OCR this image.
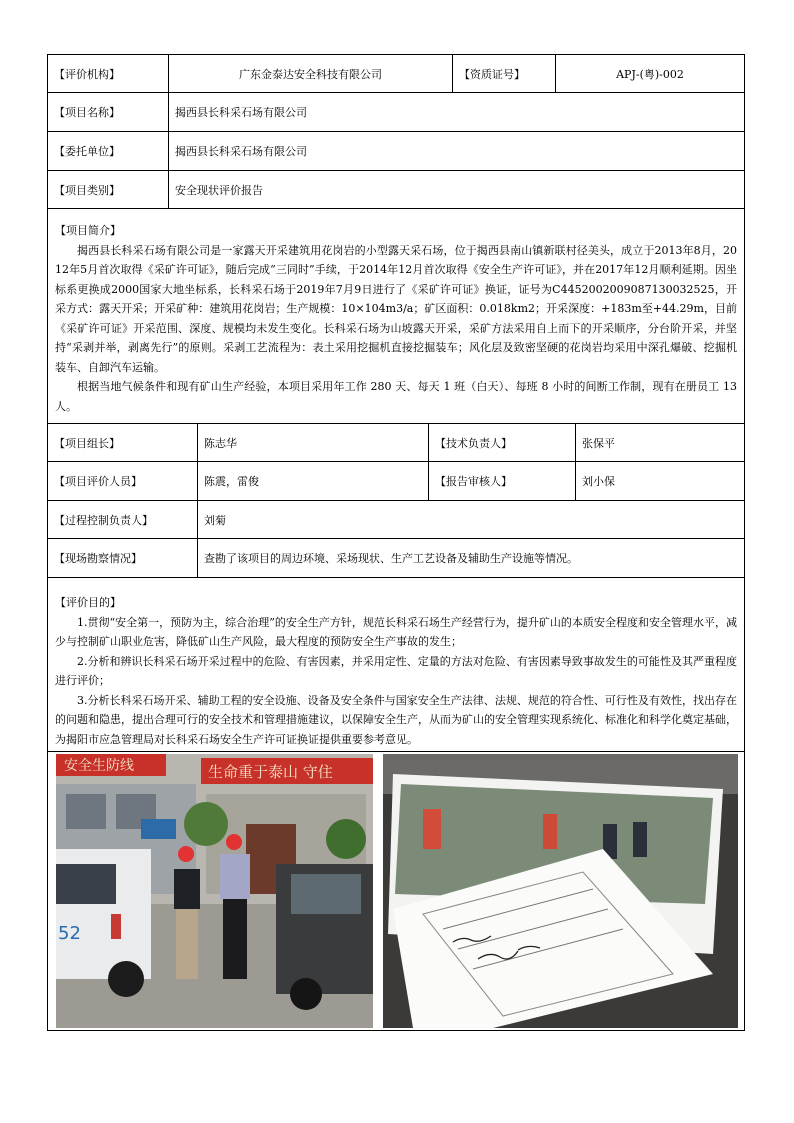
【评价机构】	广东金泰达安全科技有限公司	【资质证号】	APJ-(粤)-002
【项目名称】	揭西县长科采石场有限公司
【委托单位】	揭西县长科采石场有限公司
【项目类别】	安全现状评价报告
【项目简介】

揭西县长科采石场有限公司是一家露天开采建筑用花岗岩的小型露天采石场，位于揭西县南山镇新联村径美头，成立于2013年8月，2012年5月首次取得《采矿许可证》，随后完成“三同时”手续，于2014年12月首次取得《安全生产许可证》，并在2017年12月顺利延期。因坐标系更换成2000国家大地坐标系，长科采石场于2019年7月9日进行了《采矿许可证》换证，证号为C4452002009087130032525，开采方式：露天开采；开采矿种：建筑用花岗岩；生产规模：10×104m3/a；矿区面积：0.018km2；开采深度：+183m至+44.29m，目前《采矿许可证》开采范围、深度、规模均未发生变化。长科采石场为山坡露天开采，采矿方法采用自上而下的开采顺序，分台阶开采，并坚持“采剥并举，剥离先行”的原则。采剥工艺流程为：表土采用挖掘机直接挖掘装车；风化层及致密坚硬的花岗岩均采用中深孔爆破、挖掘机装车、自卸汽车运输。

根据当地气候条件和现有矿山生产经验，本项目采用年工作 280 天、每天 1 班（白天）、每班 8 小时的间断工作制，现有在册员工 13 人。

【项目组长】	陈志华	【技术负责人】	张保平
【项目评价人员】	陈震，雷俊	【报告审核人】	刘小保
【过程控制负责人】	刘菊
【现场勘察情况】	查勘了该项目的周边环境、采场现状、生产工艺设备及辅助生产设施等情况。
【评价目的】

1.贯彻“安全第一，预防为主，综合治理”的安全生产方针，规范长科采石场生产经营行为，提升矿山的本质安全程度和安全管理水平，减少与控制矿山职业危害，降低矿山生产风险，最大程度的预防安全生产事故的发生；

2.分析和辨识长科采石场开采过程中的危险、有害因素，并采用定性、定量的方法对危险、有害因素导致事故发生的可能性及其严重程度进行评价；

3.分析长科采石场开采、辅助工程的安全设施、设备及安全条件与国家安全生产法律、法规、规范的符合性、可行性及有效性，找出存在的问题和隐患，提出合理可行的安全技术和管理措施建议，以保障安全生产，从而为矿山的安全管理实现系统化、标准化和科学化奠定基础，为揭阳市应急管理局对长科采石场安全生产许可证换证提供重要参考意见。

安全生防线	生命重于泰山 守住
52
